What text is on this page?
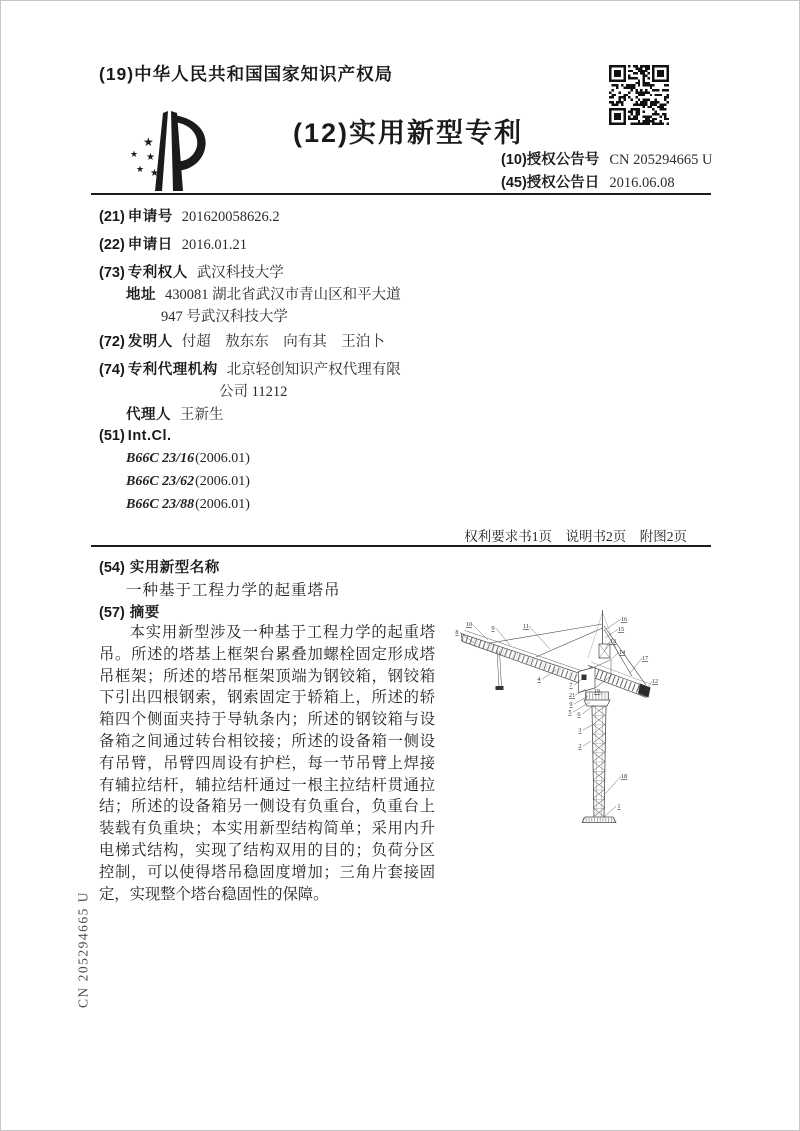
(19)中华人民共和国国家知识产权局
★
★ ★
★ ★
(12)实用新型专利
(10)授权公告号 CN 205294665 U
(45)授权公告日 2016.06.08
(21) 申请号 201620058626.2
(22) 申请日 2016.01.21
(73) 专利权人 武汉科技大学
地址 430081 湖北省武汉市青山区和平大道
947 号武汉科技大学
(72) 发明人 付超　敖东东　向有其　王泊卜
(74) 专利代理机构 北京轻创知识产权代理有限
公司 11212
代理人 王新生
(51) Int.Cl.
B66C 23/16(2006.01)
B66C 23/62(2006.01)
B66C 23/88(2006.01)
权利要求书1页　说明书2页　附图2页
(54) 实用新型名称
一种基于工程力学的起重塔吊
(57) 摘要
本实用新型涉及一种基于工程力学的起重塔吊。所述的塔基上框架台累叠加螺栓固定形成塔吊框架；所述的塔吊框架顶端为钢铰箱，钢铰箱下引出四根钢索，钢索固定于轿箱上，所述的轿箱四个侧面夹持于导轨条内；所述的钢铰箱与设备箱之间通过转台相铰接；所述的设备箱一侧设有吊臂，吊臂四周设有护栏，每一节吊臂上焊接有辅拉结杆，辅拉结杆通过一根主拉结杆贯通拉结；所述的设备箱另一侧设有负重台，负重台上装载有负重块；本实用新型结构简单；采用内升电梯式结构，实现了结构双用的目的；负荷分区控制，可以使得塔吊稳固度增加；三角片套接固定，实现整个塔台稳固性的保障。
8
10
9	11
16
15
13
14
17
12
4
7
21
19
9
5 6
3
2
18
1
CN 205294665 U
